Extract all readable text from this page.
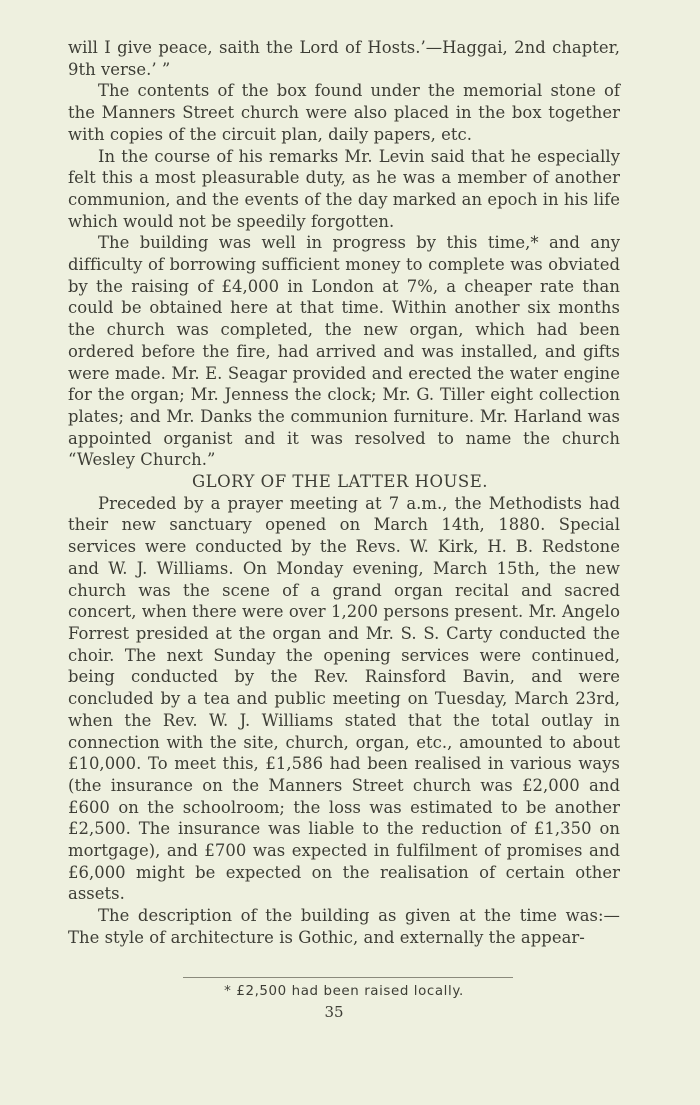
will I give peace, saith the Lord of Hosts.’—Haggai, 2nd chapter, 9th verse.’ ”

The contents of the box found under the memorial stone of the Manners Street church were also placed in the box together with copies of the circuit plan, daily papers, etc.

In the course of his remarks Mr. Levin said that he especially felt this a most pleasurable duty, as he was a member of another communion, and the events of the day marked an epoch in his life which would not be speedily forgotten.

The building was well in progress by this time,* and any difficulty of borrowing sufficient money to complete was obviated by the raising of £4,000 in London at 7%, a cheaper rate than could be obtained here at that time. Within another six months the church was completed, the new organ, which had been ordered before the fire, had arrived and was installed, and gifts were made. Mr. E. Seagar provided and erected the water engine for the organ; Mr. Jenness the clock; Mr. G. Tiller eight collection plates; and Mr. Danks the communion furniture. Mr. Harland was appointed organist and it was resolved to name the church “Wesley Church.”

GLORY OF THE LATTER HOUSE.

Preceded by a prayer meeting at 7 a.m., the Methodists had their new sanctuary opened on March 14th, 1880. Special services were conducted by the Revs. W. Kirk, H. B. Redstone and W. J. Williams. On Monday evening, March 15th, the new church was the scene of a grand organ recital and sacred concert, when there were over 1,200 persons present. Mr. Angelo Forrest presided at the organ and Mr. S. S. Carty conducted the choir. The next Sunday the opening services were continued, being conducted by the Rev. Rainsford Bavin, and were concluded by a tea and public meeting on Tuesday, March 23rd, when the Rev. W. J. Williams stated that the total outlay in connection with the site, church, organ, etc., amounted to about £10,000. To meet this, £1,586 had been realised in various ways (the insurance on the Manners Street church was £2,000 and £600 on the schoolroom; the loss was estimated to be another £2,500. The insurance was liable to the reduction of £1,350 on mortgage), and £700 was expected in fulfilment of promises and £6,000 might be expected on the realisation of certain other assets.

The description of the building as given at the time was:— The style of architecture is Gothic, and externally the appear-

* £2,500 had been raised locally.

35
